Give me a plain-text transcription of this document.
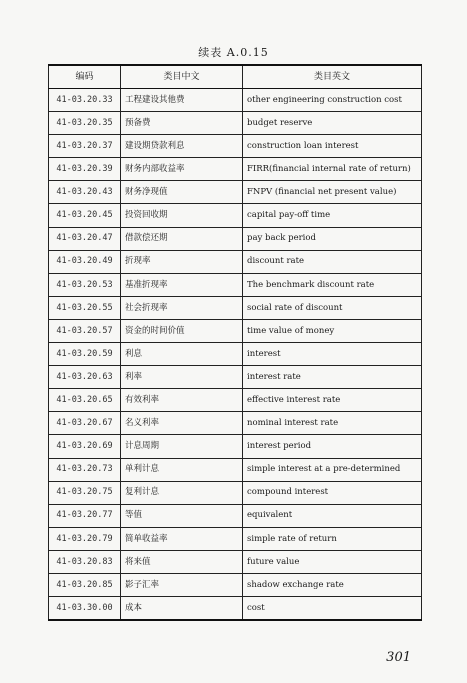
续表 A.0.15
编码	类目中文	类目英文
41-03.20.33	工程建设其他费	other engineering construction cost
41-03.20.35	预备费	budget reserve
41-03.20.37	建设期贷款利息	construction loan interest
41-03.20.39	财务内部收益率	FIRR(financial internal rate of return)
41-03.20.43	财务净现值	FNPV (financial net present value)
41-03.20.45	投资回收期	capital pay-off time
41-03.20.47	借款偿还期	pay back period
41-03.20.49	折现率	discount rate
41-03.20.53	基准折现率	The benchmark discount rate
41-03.20.55	社会折现率	social rate of discount
41-03.20.57	资金的时间价值	time value of money
41-03.20.59	利息	interest
41-03.20.63	利率	interest rate
41-03.20.65	有效利率	effective interest rate
41-03.20.67	名义利率	nominal interest rate
41-03.20.69	计息周期	interest period
41-03.20.73	单利计息	simple interest at a pre-determined
41-03.20.75	复利计息	compound interest
41-03.20.77	等值	equivalent
41-03.20.79	简单收益率	simple rate of return
41-03.20.83	将来值	future value
41-03.20.85	影子汇率	shadow exchange rate
41-03.30.00	成本	cost
301
